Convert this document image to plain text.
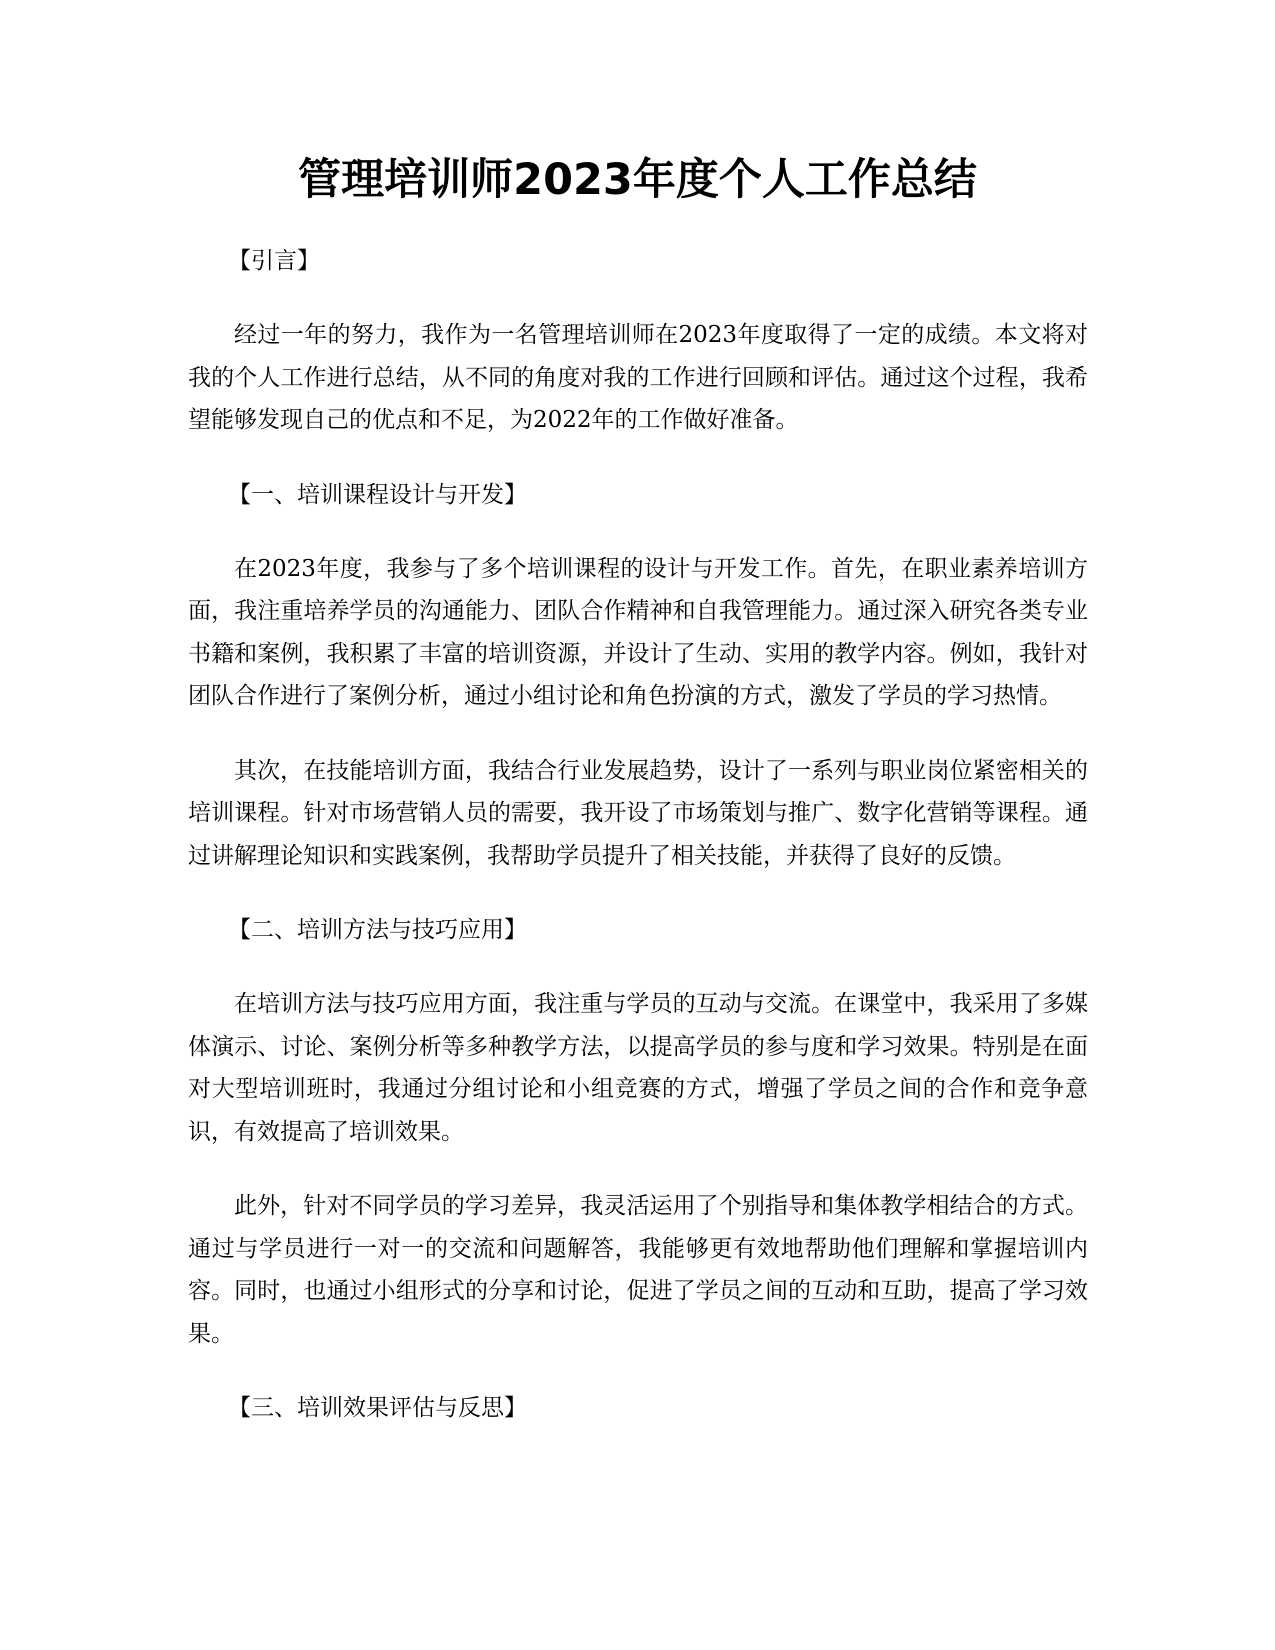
管理培训师2023年度个人工作总结

【引言】

经过一年的努力，我作为一名管理培训师在2023年度取得了一定的成绩。本文将对我的个人工作进行总结，从不同的角度对我的工作进行回顾和评估。通过这个过程，我希望能够发现自己的优点和不足，为2022年的工作做好准备。

【一、培训课程设计与开发】

在2023年度，我参与了多个培训课程的设计与开发工作。首先，在职业素养培训方面，我注重培养学员的沟通能力、团队合作精神和自我管理能力。通过深入研究各类专业书籍和案例，我积累了丰富的培训资源，并设计了生动、实用的教学内容。例如，我针对团队合作进行了案例分析，通过小组讨论和角色扮演的方式，激发了学员的学习热情。

其次，在技能培训方面，我结合行业发展趋势，设计了一系列与职业岗位紧密相关的培训课程。针对市场营销人员的需要，我开设了市场策划与推广、数字化营销等课程。通过讲解理论知识和实践案例，我帮助学员提升了相关技能，并获得了良好的反馈。

【二、培训方法与技巧应用】

在培训方法与技巧应用方面，我注重与学员的互动与交流。在课堂中，我采用了多媒体演示、讨论、案例分析等多种教学方法，以提高学员的参与度和学习效果。特别是在面对大型培训班时，我通过分组讨论和小组竞赛的方式，增强了学员之间的合作和竞争意识，有效提高了培训效果。

此外，针对不同学员的学习差异，我灵活运用了个别指导和集体教学相结合的方式。通过与学员进行一对一的交流和问题解答，我能够更有效地帮助他们理解和掌握培训内容。同时，也通过小组形式的分享和讨论，促进了学员之间的互动和互助，提高了学习效果。

【三、培训效果评估与反思】
